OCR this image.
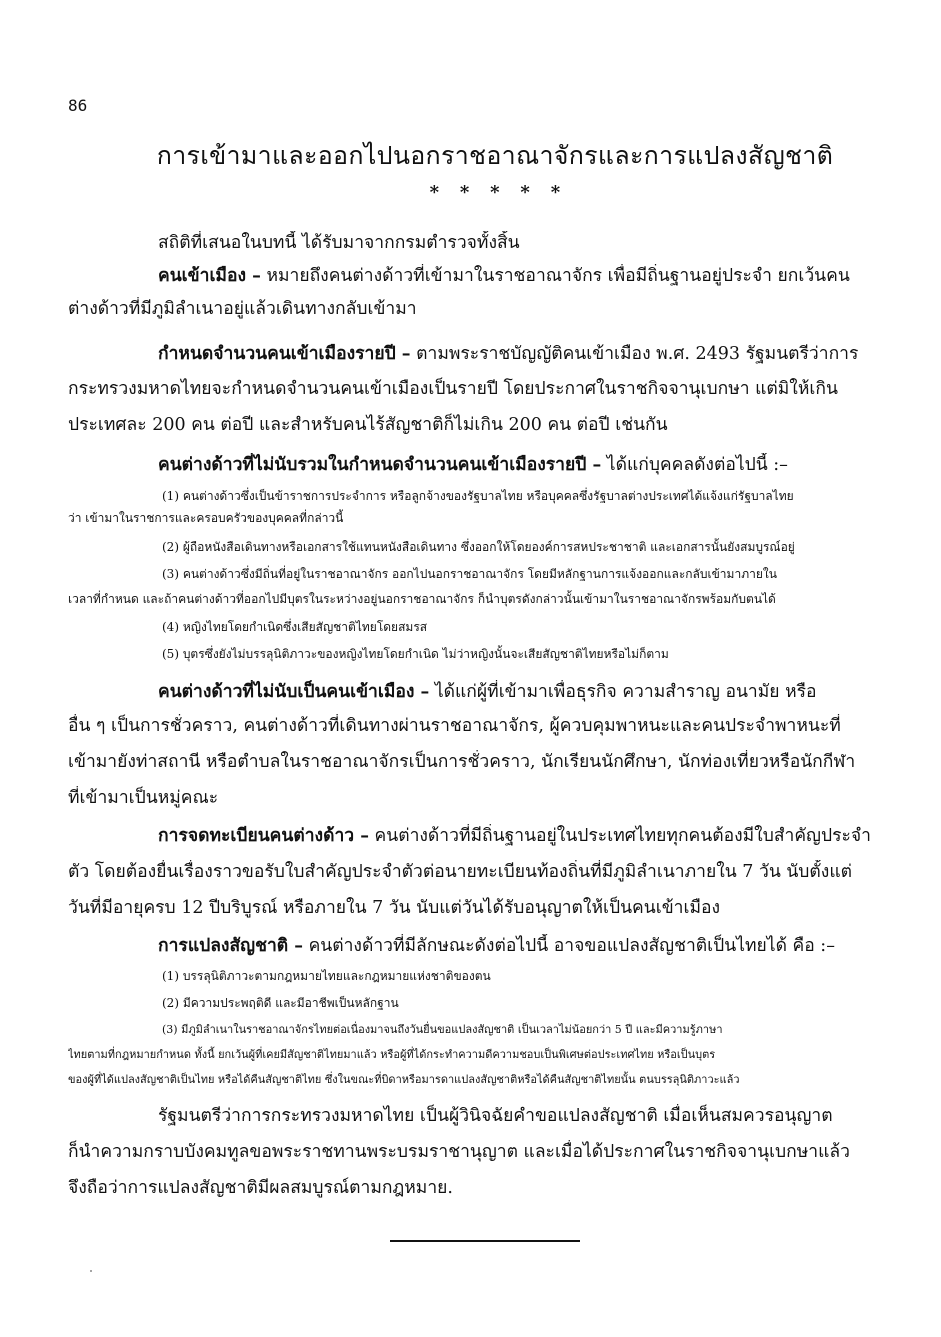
86
การเข้ามาและออกไปนอกราชอาณาจักรและการแปลงสัญชาติ
* * * * *

สถิติที่เสนอในบทนี้ ได้รับมาจากกรมตำรวจทั้งสิ้น

คนเข้าเมือง – หมายถึงคนต่างด้าวที่เข้ามาในราชอาณาจักร เพื่อมีถิ่นฐานอยู่ประจำ ยกเว้นคน

ต่างด้าวที่มีภูมิลำเนาอยู่แล้วเดินทางกลับเข้ามา

กำหนดจำนวนคนเข้าเมืองรายปี – ตามพระราชบัญญัติคนเข้าเมือง พ.ศ. 2493 รัฐมนตรีว่าการ

กระทรวงมหาดไทยจะกำหนดจำนวนคนเข้าเมืองเป็นรายปี โดยประกาศในราชกิจจานุเบกษา แต่มิให้เกิน

ประเทศละ 200 คน ต่อปี และสำหรับคนไร้สัญชาติก็ไม่เกิน 200 คน ต่อปี เช่นกัน

คนต่างด้าวที่ไม่นับรวมในกำหนดจำนวนคนเข้าเมืองรายปี – ได้แก่บุคคลดังต่อไปนี้ :–

(1) คนต่างด้าวซึ่งเป็นข้าราชการประจำการ หรือลูกจ้างของรัฐบาลไทย หรือบุคคลซึ่งรัฐบาลต่างประเทศได้แจ้งแก่รัฐบาลไทย

ว่า เข้ามาในราชการและครอบครัวของบุคคลที่กล่าวนี้

(2) ผู้ถือหนังสือเดินทางหรือเอกสารใช้แทนหนังสือเดินทาง ซึ่งออกให้โดยองค์การสหประชาชาติ และเอกสารนั้นยังสมบูรณ์อยู่

(3) คนต่างด้าวซึ่งมีถิ่นที่อยู่ในราชอาณาจักร ออกไปนอกราชอาณาจักร โดยมีหลักฐานการแจ้งออกและกลับเข้ามาภายใน

เวลาที่กำหนด และถ้าคนต่างด้าวที่ออกไปมีบุตรในระหว่างอยู่นอกราชอาณาจักร ก็นำบุตรดังกล่าวนั้นเข้ามาในราชอาณาจักรพร้อมกับตนได้

(4) หญิงไทยโดยกำเนิดซึ่งเสียสัญชาติไทยโดยสมรส

(5) บุตรซึ่งยังไม่บรรลุนิติภาวะของหญิงไทยโดยกำเนิด ไม่ว่าหญิงนั้นจะเสียสัญชาติไทยหรือไม่ก็ตาม

คนต่างด้าวที่ไม่นับเป็นคนเข้าเมือง – ได้แก่ผู้ที่เข้ามาเพื่อธุรกิจ ความสำราญ อนามัย หรือ

อื่น ๆ เป็นการชั่วคราว, คนต่างด้าวที่เดินทางผ่านราชอาณาจักร, ผู้ควบคุมพาหนะและคนประจำพาหนะที่

เข้ามายังท่าสถานี หรือตำบลในราชอาณาจักรเป็นการชั่วคราว, นักเรียนนักศึกษา, นักท่องเที่ยวหรือนักกีฬา

ที่เข้ามาเป็นหมู่คณะ

การจดทะเบียนคนต่างด้าว – คนต่างด้าวที่มีถิ่นฐานอยู่ในประเทศไทยทุกคนต้องมีใบสำคัญประจำ

ตัว โดยต้องยื่นเรื่องราวขอรับใบสำคัญประจำตัวต่อนายทะเบียนท้องถิ่นที่มีภูมิลำเนาภายใน 7 วัน นับตั้งแต่

วันที่มีอายุครบ 12 ปีบริบูรณ์ หรือภายใน 7 วัน นับแต่วันได้รับอนุญาตให้เป็นคนเข้าเมือง

การแปลงสัญชาติ – คนต่างด้าวที่มีลักษณะดังต่อไปนี้ อาจขอแปลงสัญชาติเป็นไทยได้ คือ :–

(1) บรรลุนิติภาวะตามกฎหมายไทยและกฎหมายแห่งชาติของตน

(2) มีความประพฤติดี และมีอาชีพเป็นหลักฐาน

(3) มีภูมิลำเนาในราชอาณาจักรไทยต่อเนื่องมาจนถึงวันยื่นขอแปลงสัญชาติ เป็นเวลาไม่น้อยกว่า 5 ปี และมีความรู้ภาษา

ไทยตามที่กฎหมายกำหนด ทั้งนี้ ยกเว้นผู้ที่เคยมีสัญชาติไทยมาแล้ว หรือผู้ที่ได้กระทำความดีความชอบเป็นพิเศษต่อประเทศไทย หรือเป็นบุตร

ของผู้ที่ได้แปลงสัญชาติเป็นไทย หรือได้คืนสัญชาติไทย ซึ่งในขณะที่บิดาหรือมารดาแปลงสัญชาติหรือได้คืนสัญชาติไทยนั้น ตนบรรลุนิติภาวะแล้ว

รัฐมนตรีว่าการกระทรวงมหาดไทย เป็นผู้วินิจฉัยคำขอแปลงสัญชาติ เมื่อเห็นสมควรอนุญาต

ก็นำความกราบบังคมทูลขอพระราชทานพระบรมราชานุญาต และเมื่อได้ประกาศในราชกิจจานุเบกษาแล้ว

จึงถือว่าการแปลงสัญชาติมีผลสมบูรณ์ตามกฎหมาย.
